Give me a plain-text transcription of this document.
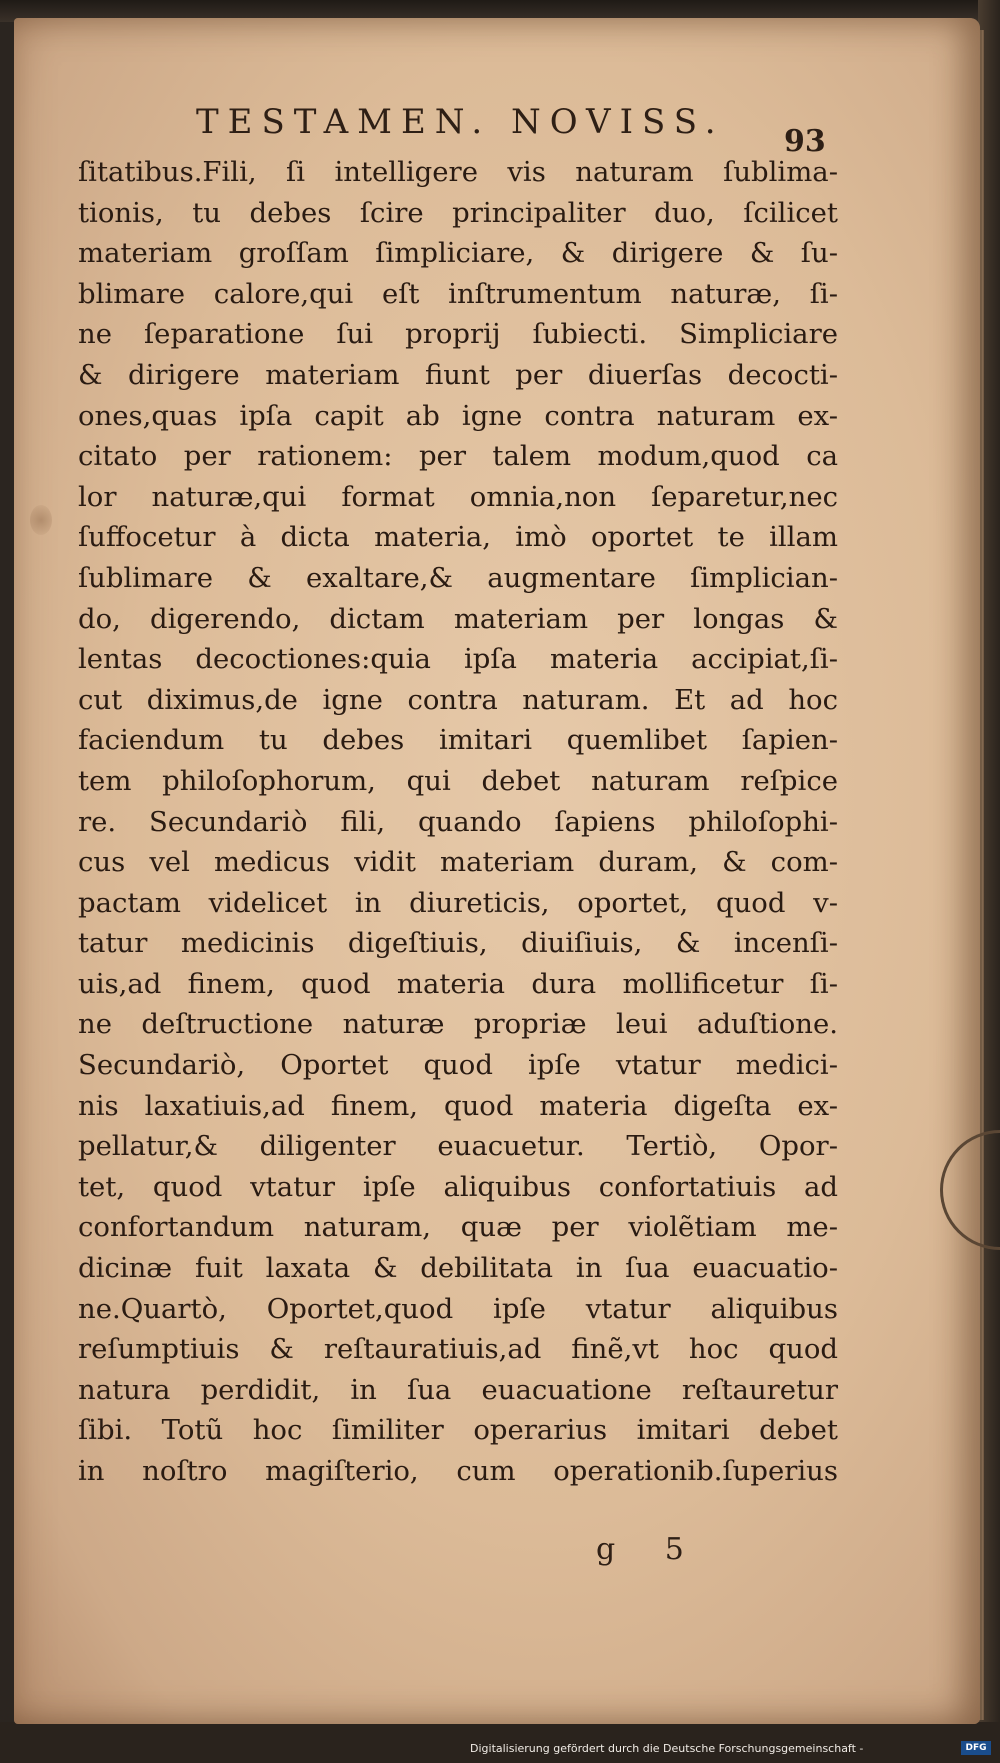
TESTAMEN. NOVISS. 93
ſitatibus.Fili, ſi intelligere vis naturam ſublima-
tionis, tu debes ſcire principaliter duo, ſcilicet
materiam groſſam ſimpliciare, & dirigere & ſu-
blimare calore,qui eſt inſtrumentum naturæ, ſi-
ne ſeparatione ſui proprij ſubiecti. Simpliciare
& dirigere materiam fiunt per diuerſas decocti-
ones,quas ipſa capit ab igne contra naturam ex-
citato per rationem: per talem modum,quod ca
lor naturæ,qui format omnia,non ſeparetur,nec
ſuffocetur à dicta materia, imò oportet te illam
ſublimare & exaltare,& augmentare ſimplician-
do, digerendo, dictam materiam per longas &
lentas decoctiones:quia ipſa materia accipiat,ſi-
cut diximus,de igne contra naturam. Et ad hoc
faciendum tu debes imitari quemlibet ſapien-
tem philoſophorum, qui debet naturam reſpice
re. Secundariò fili, quando ſapiens philoſophi-
cus vel medicus vidit materiam duram, & com-
pactam videlicet in diureticis, oportet, quod v-
tatur medicinis digeſtiuis, diuiſiuis, & incenſi-
uis,ad finem, quod materia dura mollificetur ſi-
ne deſtructione naturæ propriæ leui aduſtione.
Secundariò, Oportet quod ipſe vtatur medici-
nis laxatiuis,ad finem, quod materia digeſta ex-
pellatur,& diligenter euacuetur. Tertiò, Opor-
tet, quod vtatur ipſe aliquibus confortatiuis ad
confortandum naturam, quæ per violẽtiam me-
dicinæ fuit laxata & debilitata in ſua euacuatio-
ne.Quartò, Oportet,quod ipſe vtatur aliquibus
reſumptiuis & reſtauratiuis,ad finẽ,vt hoc quod
natura perdidit, in ſua euacuatione reſtauretur
ſibi. Totũ hoc ſimiliter operarius imitari debet
in noſtro magiſterio, cum operationib.ſuperius
g 5
Digitalisierung gefördert durch die Deutsche Forschungsgemeinschaft -	DFG
